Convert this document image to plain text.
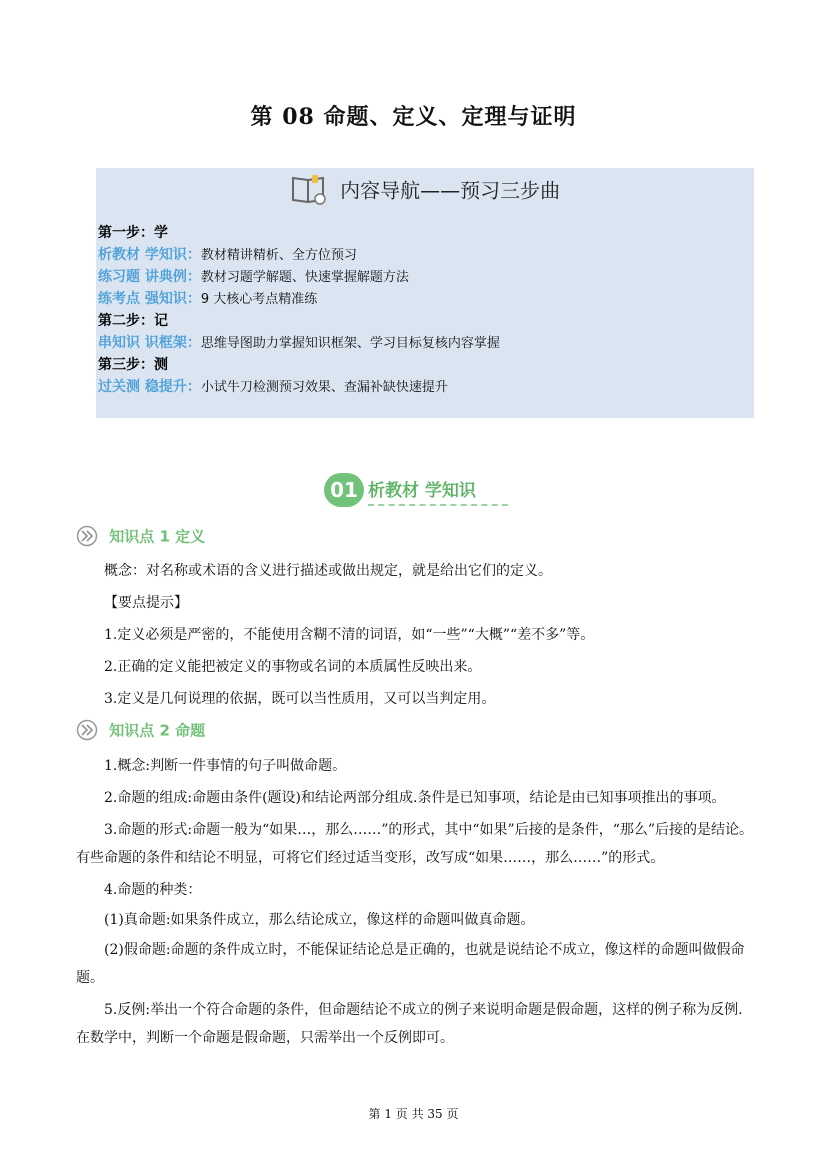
第 08 命题、定义、定理与证明
内容导航——预习三步曲
第一步：学
析教材 学知识：教材精讲精析、全方位预习
练习题 讲典例：教材习题学解题、快速掌握解题方法
练考点 强知识：9 大核心考点精准练
第二步：记
串知识 识框架：思维导图助力掌握知识框架、学习目标复核内容掌握
第三步：测
过关测 稳提升：小试牛刀检测预习效果、查漏补缺快速提升
01 析教材 学知识
知识点 1 定义
概念：对名称或术语的含义进行描述或做出规定，就是给出它们的定义。
【要点提示】
1.定义必须是严密的，不能使用含糊不清的词语，如“一些”“大概”“差不多”等。
2.正确的定义能把被定义的事物或名词的本质属性反映出来。
3.定义是几何说理的依据，既可以当性质用，又可以当判定用。
知识点 2 命题
1.概念:判断一件事情的句子叫做命题。
2.命题的组成:命题由条件(题设)和结论两部分组成.条件是已知事项，结论是由已知事项推出的事项。
3.命题的形式:命题一般为“如果…，那么……”的形式，其中“如果”后接的是条件，“那么”后接的是结论。有些命题的条件和结论不明显，可将它们经过适当变形，改写成“如果……，那么……”的形式。
4.命题的种类：
(1)真命题:如果条件成立，那么结论成立，像这样的命题叫做真命题。
(2)假命题:命题的条件成立时，不能保证结论总是正确的，也就是说结论不成立，像这样的命题叫做假命题。
5.反例:举出一个符合命题的条件，但命题结论不成立的例子来说明命题是假命题，这样的例子称为反例.在数学中，判断一个命题是假命题，只需举出一个反例即可。
第 1 页 共 35 页
